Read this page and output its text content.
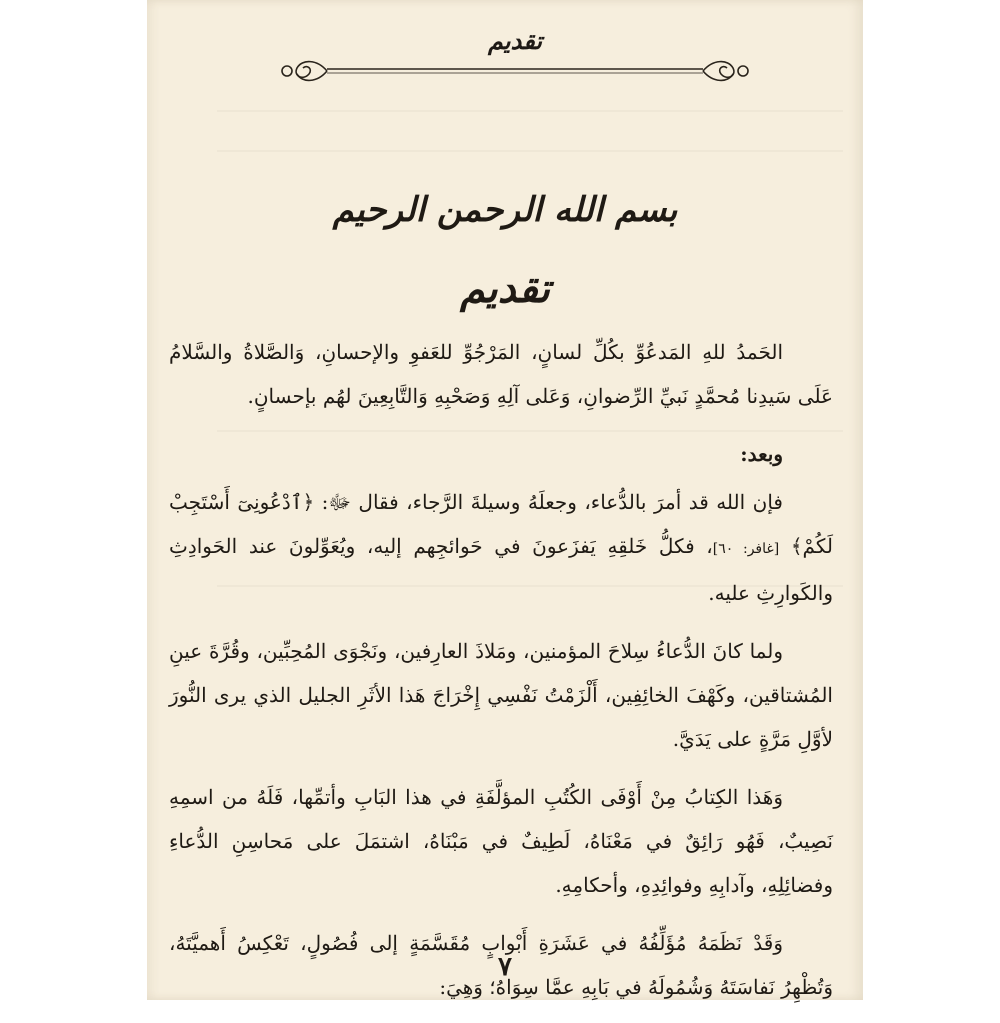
تقديم
بسم الله الرحمن الرحيم
تقديم

الحَمدُ للهِ المَدعُوِّ بكُلِّ لسانٍ، المَرْجُوِّ للعَفوِ والإحسانِ، وَالصَّلاةُ والسَّلامُ عَلَى سَيدِنا مُحمَّدٍ نَبيِّ الرِّضوانِ، وَعَلى آلِهِ وَصَحْبِهِ وَالتَّابِعِينَ لهُم بإحسانٍ.

وبعد:

فإن الله قد أمرَ بالدُّعاء، وجعلَهُ وسيلةَ الرَّجاء، فقال ﷻ: ﴿ٱدْعُونِىٓ أَسْتَجِبْ لَكُمْ﴾ [غافر: ٦٠]، فكلُّ خَلقِهِ يَفزَعونَ في حَوائجِهم إليه، ويُعَوِّلونَ عند الحَوادِثِ والكَوارِثِ عليه.

ولما كانَ الدُّعاءُ سِلاحَ المؤمنين، ومَلاذَ العارِفين، ونَجْوَى المُحِبِّين، وقُرَّةَ عينِ المُشتاقين، وكَهْفَ الخائِفِين، أَلْزَمْتُ نَفْسِي إِخْرَاجَ هَذا الأثَرِ الجليل الذي يرى النُّورَ لأوَّلِ مَرَّةٍ على يَدَيَّ.

وَهَذا الكِتابُ مِنْ أَوْفَى الكُتُبِ المؤلَّفَةِ في هذا البَابِ وأتمِّها، فَلَهُ من اسمِهِ نَصِيبٌ، فَهُو رَائِقٌ في مَعْنَاهُ، لَطِيفٌ في مَبْنَاهُ، اشتمَلَ على مَحاسِنِ الدُّعاءِ وفضائِلِهِ، وآدابِهِ وفوائِدِهِ، وأحكامِهِ.

وَقَدْ نَظَمَهُ مُؤَلِّفُهُ في عَشَرَةِ أَبْوابٍ مُقَسَّمَةٍ إلى فُصُولٍ، تَعْكِسُ أَهميَّتَهُ، وَتُظْهِرُ نَفاسَتَهُ وَشُمُولَهُ في بَابِهِ عمَّا سِوَاهُ؛ وَهِيَ:

٧
